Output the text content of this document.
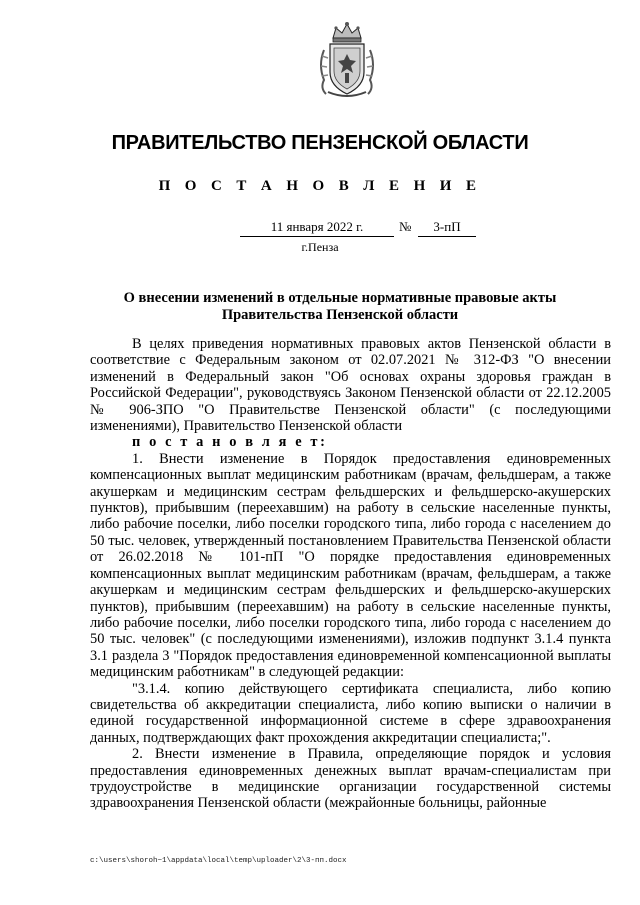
ПРАВИТЕЛЬСТВО ПЕНЗЕНСКОЙ ОБЛАСТИ
П О С Т А Н О В Л Е Н И Е
11 января 2022 г.	№	3-пП
г.Пенза
О внесении изменений в отдельные нормативные правовые акты
Правительства Пензенской области

В целях приведения нормативных правовых актов Пензенской области в соответствие с Федеральным законом от 02.07.2021 № 312-ФЗ "О внесении изменений в Федеральный закон "Об основах охраны здоровья граждан в Российской Федерации", руководствуясь Законом Пензенской области от 22.12.2005 № 906-ЗПО "О Правительстве Пензенской области" (с последующими изменениями), Правительство Пензенской области
п о с т а н о в л я е т:

1. Внести изменение в Порядок предоставления единовременных компенсационных выплат медицинским работникам (врачам, фельдшерам, а также акушеркам и медицинским сестрам фельдшерских и фельдшерско-акушерских пунктов), прибывшим (переехавшим) на работу в сельские населенные пункты, либо рабочие поселки, либо поселки городского типа, либо города с населением до 50 тыс. человек, утвержденный постановлением Правительства Пензенской области от 26.02.2018 № 101-пП "О порядке предоставления единовременных компенсационных выплат медицинским работникам (врачам, фельдшерам, а также акушеркам и медицинским сестрам фельдшерских и фельдшерско-акушерских пунктов), прибывшим (переехавшим) на работу в сельские населенные пункты, либо рабочие поселки, либо поселки городского типа, либо города с населением до 50 тыс. человек" (с последующими изменениями), изложив подпункт 3.1.4 пункта 3.1 раздела 3 "Порядок предоставления единовременной компенсационной выплаты медицинским работникам" в следующей редакции:

"3.1.4. копию действующего сертификата специалиста, либо копию свидетельства об аккредитации специалиста, либо копию выписки о наличии в единой государственной информационной системе в сфере здравоохранения данных, подтверждающих факт прохождения аккредитации специалиста;".

2. Внести изменение в Правила, определяющие порядок и условия предоставления единовременных денежных выплат врачам-специалистам при трудоустройстве в медицинские организации государственной системы здравоохранения Пензенской области (межрайонные больницы, районные

c:\users\shoroh~1\appdata\local\temp\uploader\2\3-пп.docx
